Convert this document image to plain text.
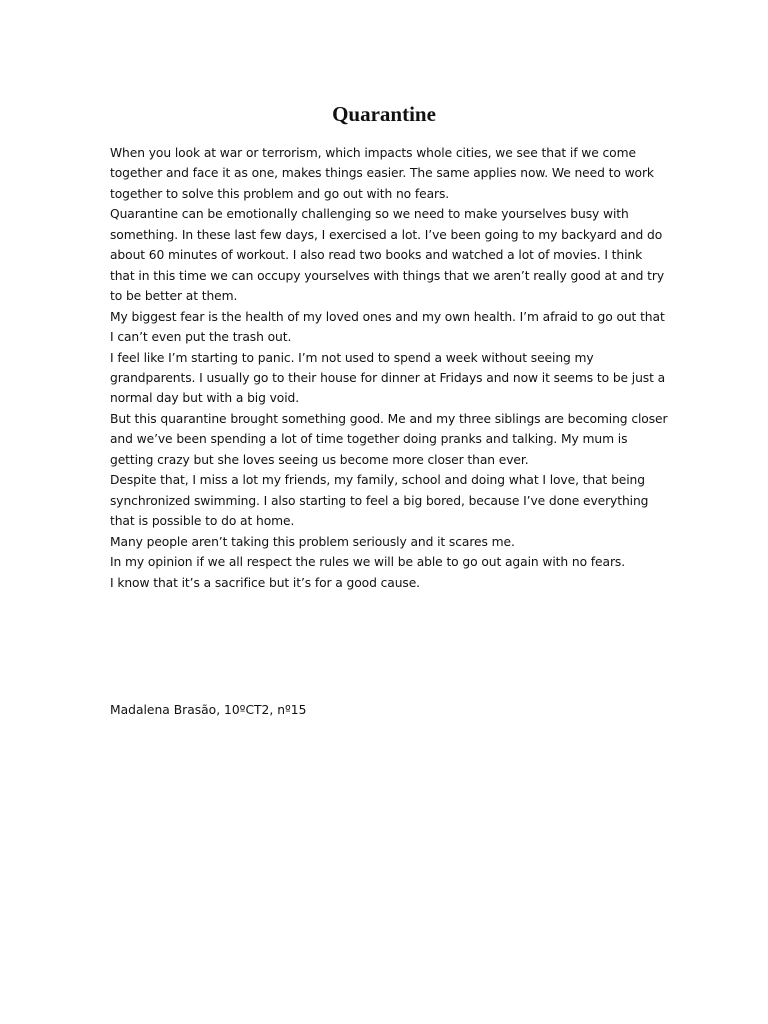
Quarantine

When you look at war or terrorism, which impacts whole cities, we see that if we come together and face it as one, makes things easier. The same applies now. We need to work together to solve this problem and go out with no fears.

Quarantine can be emotionally challenging so we need to make yourselves busy with something. In these last few days, I exercised a lot. I’ve been going to my backyard and do about 60 minutes of workout. I also read two books and watched a lot of movies. I think that in this time we can occupy yourselves with things that we aren’t really good at and try to be better at them.

My biggest fear is the health of my loved ones and my own health. I’m afraid to go out that I can’t even put the trash out.

I feel like I’m starting to panic. I’m not used to spend a week without seeing my grandparents. I usually go to their house for dinner at Fridays and now it seems to be just a normal day but with a big void.

But this quarantine brought something good. Me and my three siblings are becoming closer and we’ve been spending a lot of time together doing pranks and talking. My mum is getting crazy but she loves seeing us become more closer than ever.

Despite that, I miss a lot my friends, my family, school and doing what I love, that being synchronized swimming. I also starting to feel a big bored, because I’ve done everything that is possible to do at home.

Many people aren’t taking this problem seriously and it scares me.

In my opinion if we all respect the rules we will be able to go out again with no fears.

I know that it’s a sacrifice but it’s for a good cause.

Madalena Brasão, 10ºCT2, nº15
